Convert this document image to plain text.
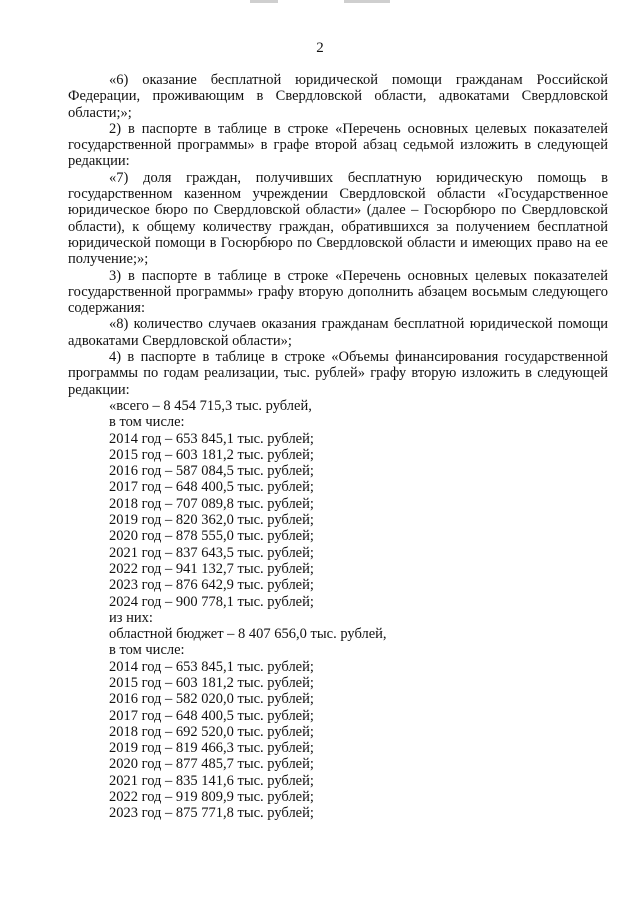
2

«6) оказание бесплатной юридической помощи гражданам Российской Федерации, проживающим в Свердловской области, адвокатами Свердловской области;»;

2) в паспорте в таблице в строке «Перечень основных целевых показателей государственной программы» в графе второй абзац седьмой изложить в следующей редакции:

«7) доля граждан, получивших бесплатную юридическую помощь в государственном казенном учреждении Свердловской области «Государственное юридическое бюро по Свердловской области» (далее – Госюрбюро по Свердловской области), к общему количеству граждан, обратившихся за получением бесплатной юридической помощи в Госюрбюро по Свердловской области и имеющих право на ее получение;»;

3) в паспорте в таблице в строке «Перечень основных целевых показателей государственной программы» графу вторую дополнить абзацем восьмым следующего содержания:

«8) количество случаев оказания гражданам бесплатной юридической помощи адвокатами Свердловской области»;

4) в паспорте в таблице в строке «Объемы финансирования государственной программы по годам реализации, тыс. рублей» графу вторую изложить в следующей редакции:

«всего – 8 454 715,3 тыс. рублей,
в том числе:
2014 год – 653 845,1 тыс. рублей;
2015 год – 603 181,2 тыс. рублей;
2016 год – 587 084,5 тыс. рублей;
2017 год – 648 400,5 тыс. рублей;
2018 год – 707 089,8 тыс. рублей;
2019 год – 820 362,0 тыс. рублей;
2020 год – 878 555,0 тыс. рублей;
2021 год – 837 643,5 тыс. рублей;
2022 год – 941 132,7 тыс. рублей;
2023 год – 876 642,9 тыс. рублей;
2024 год – 900 778,1 тыс. рублей;
из них:
областной бюджет – 8 407 656,0 тыс. рублей,
в том числе:
2014 год – 653 845,1 тыс. рублей;
2015 год – 603 181,2 тыс. рублей;
2016 год – 582 020,0 тыс. рублей;
2017 год – 648 400,5 тыс. рублей;
2018 год – 692 520,0 тыс. рублей;
2019 год – 819 466,3 тыс. рублей;
2020 год – 877 485,7 тыс. рублей;
2021 год – 835 141,6 тыс. рублей;
2022 год – 919 809,9 тыс. рублей;
2023 год – 875 771,8 тыс. рублей;
